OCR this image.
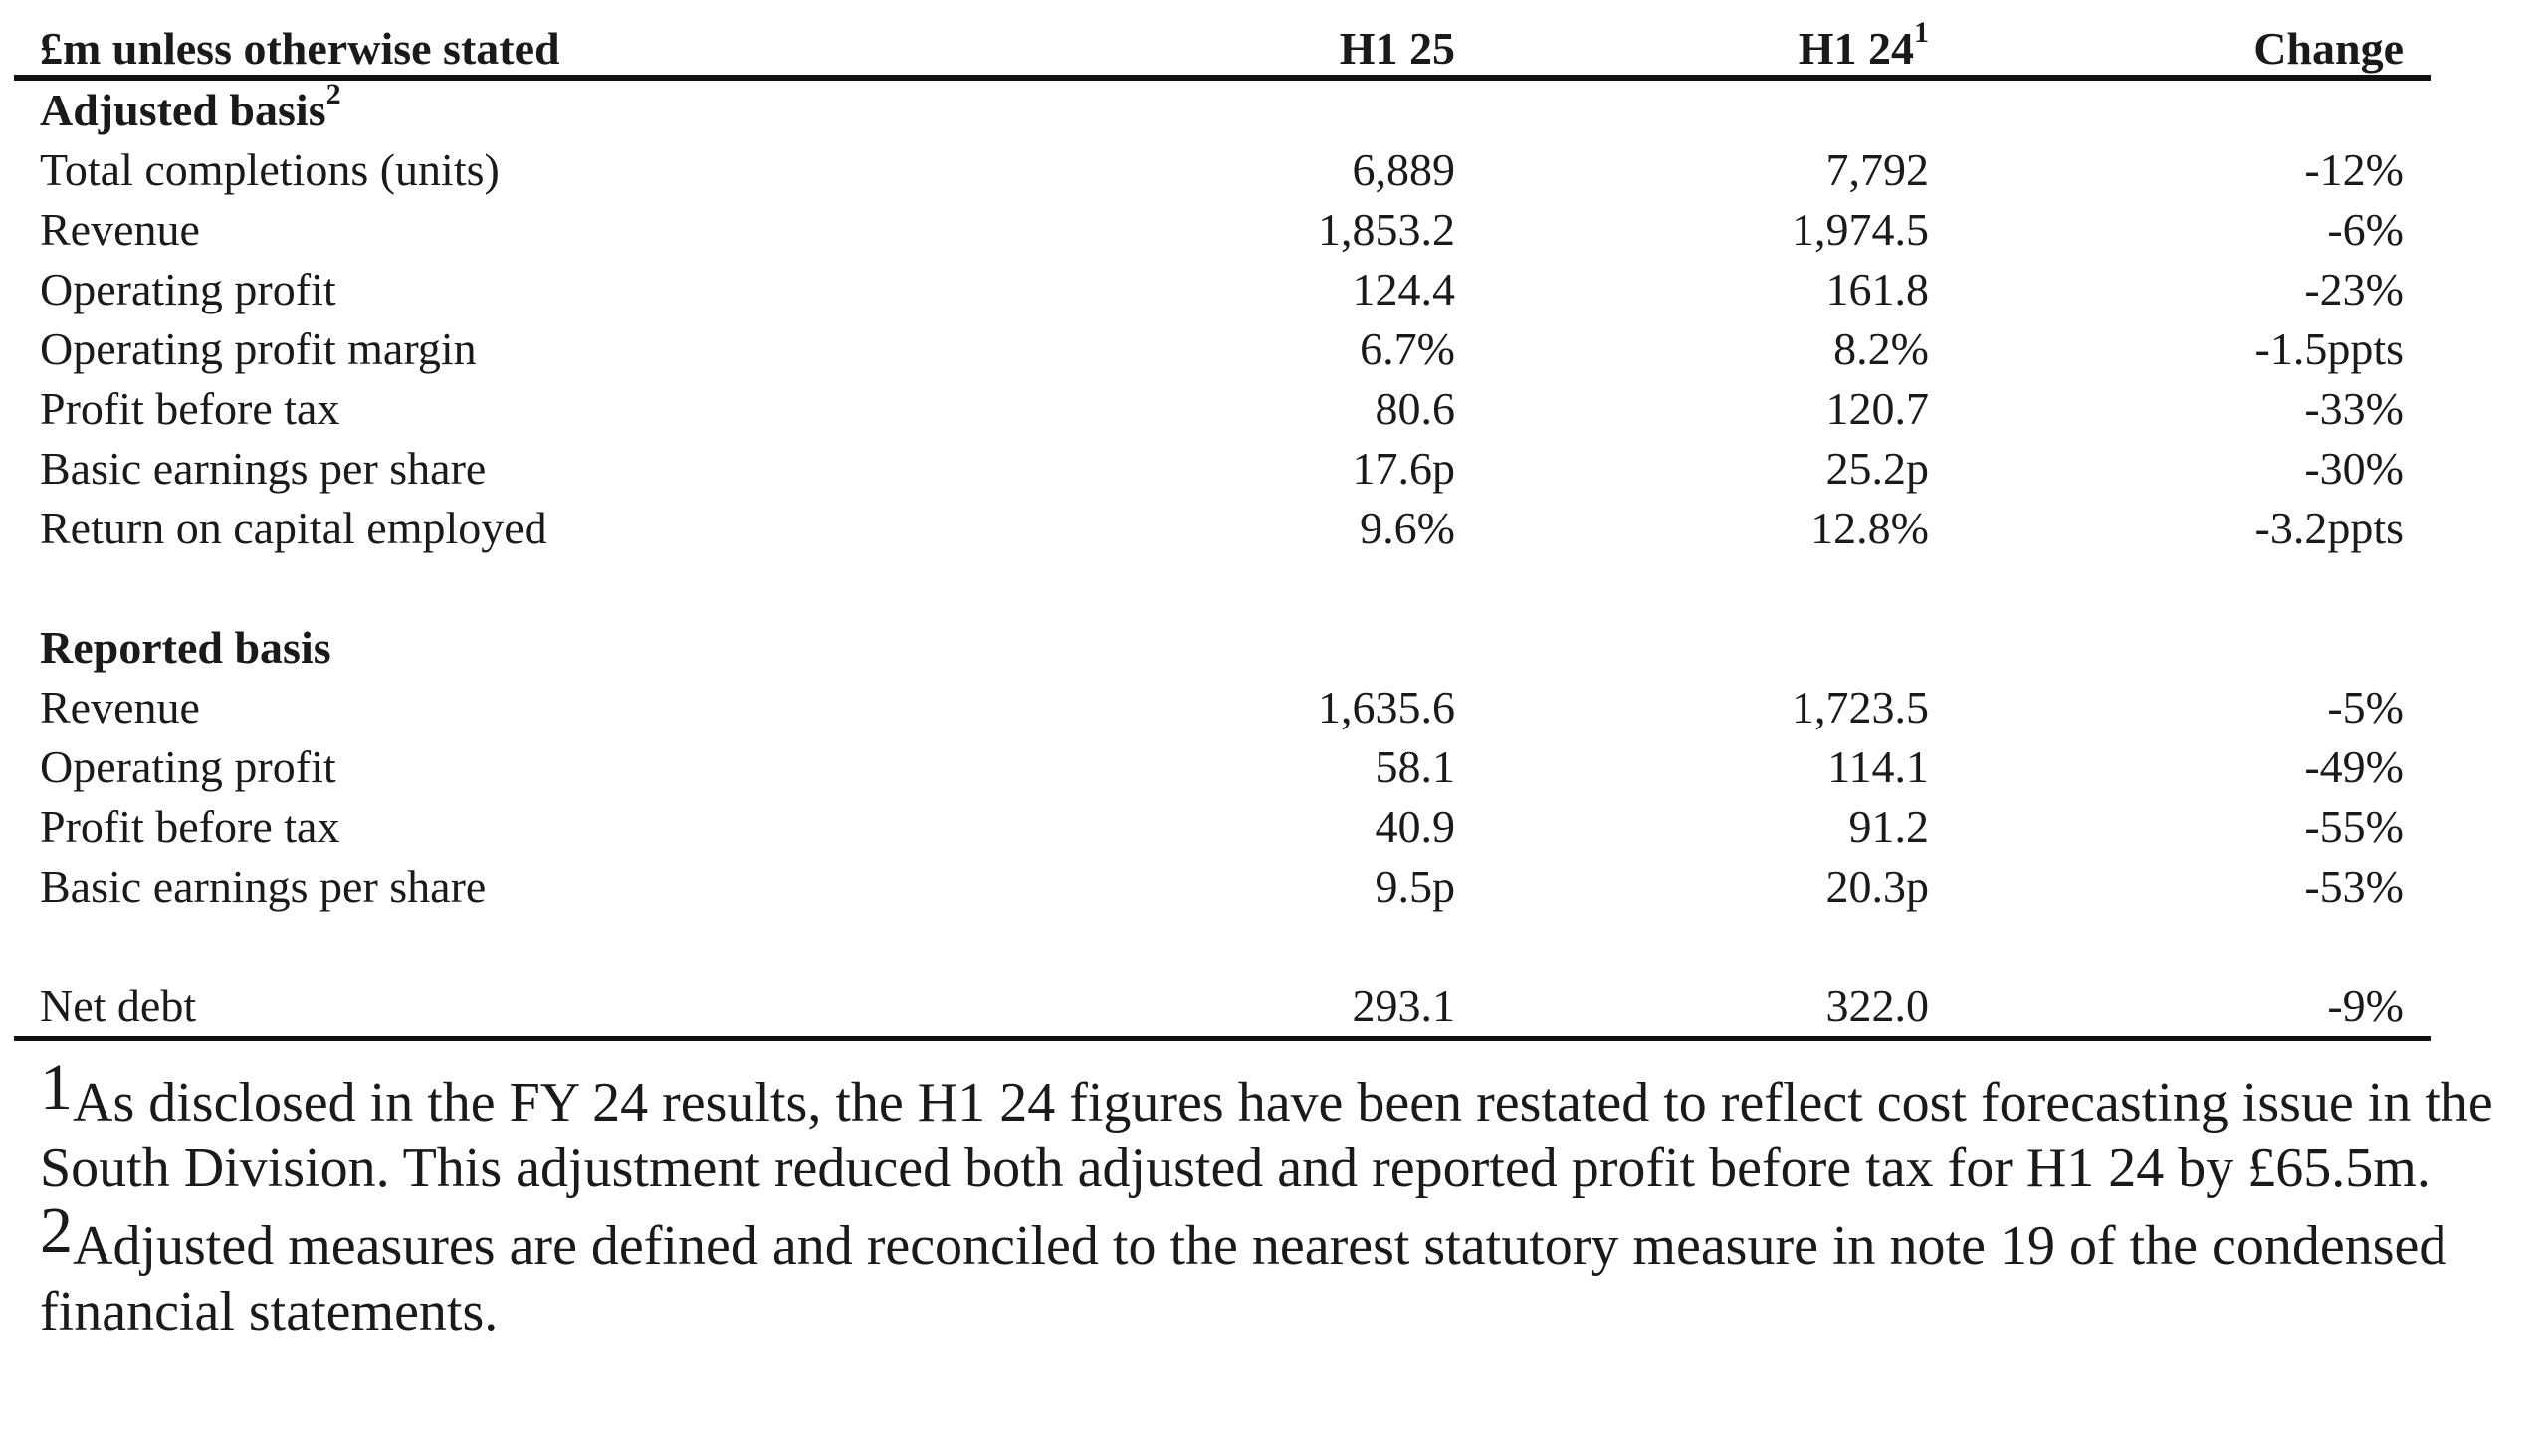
£m unless otherwise stated	H1 25	H1 $24^1$	Change
Adjusted basis$^2$
Total completions (units)	6,889	7,792	-12%
Revenue	1,853.2	1,974.5	-6%
Operating profit	124.4	161.8	-23%
Operating profit margin	6.7%	8.2%	-1.5ppts
Profit before tax	80.6	120.7	-33%
Basic earnings per share	17.6p	25.2p	-30%
Return on capital employed	9.6%	12.8%	-3.2ppts
Reported basis
Revenue	1,635.6	1,723.5	-5%
Operating profit	58.1	114.1	-49%
Profit before tax	40.9	91.2	-55%
Basic earnings per share	9.5p	20.3p	-53%
Net debt	293.1	322.0	-9%

1As disclosed in the FY 24 results, the H1 24 figures have been restated to reflect cost forecasting issue in the South Division. This adjustment reduced both adjusted and reported profit before tax for H1 24 by £65.5m.

2Adjusted measures are defined and reconciled to the nearest statutory measure in note 19 of the condensed financial statements.
